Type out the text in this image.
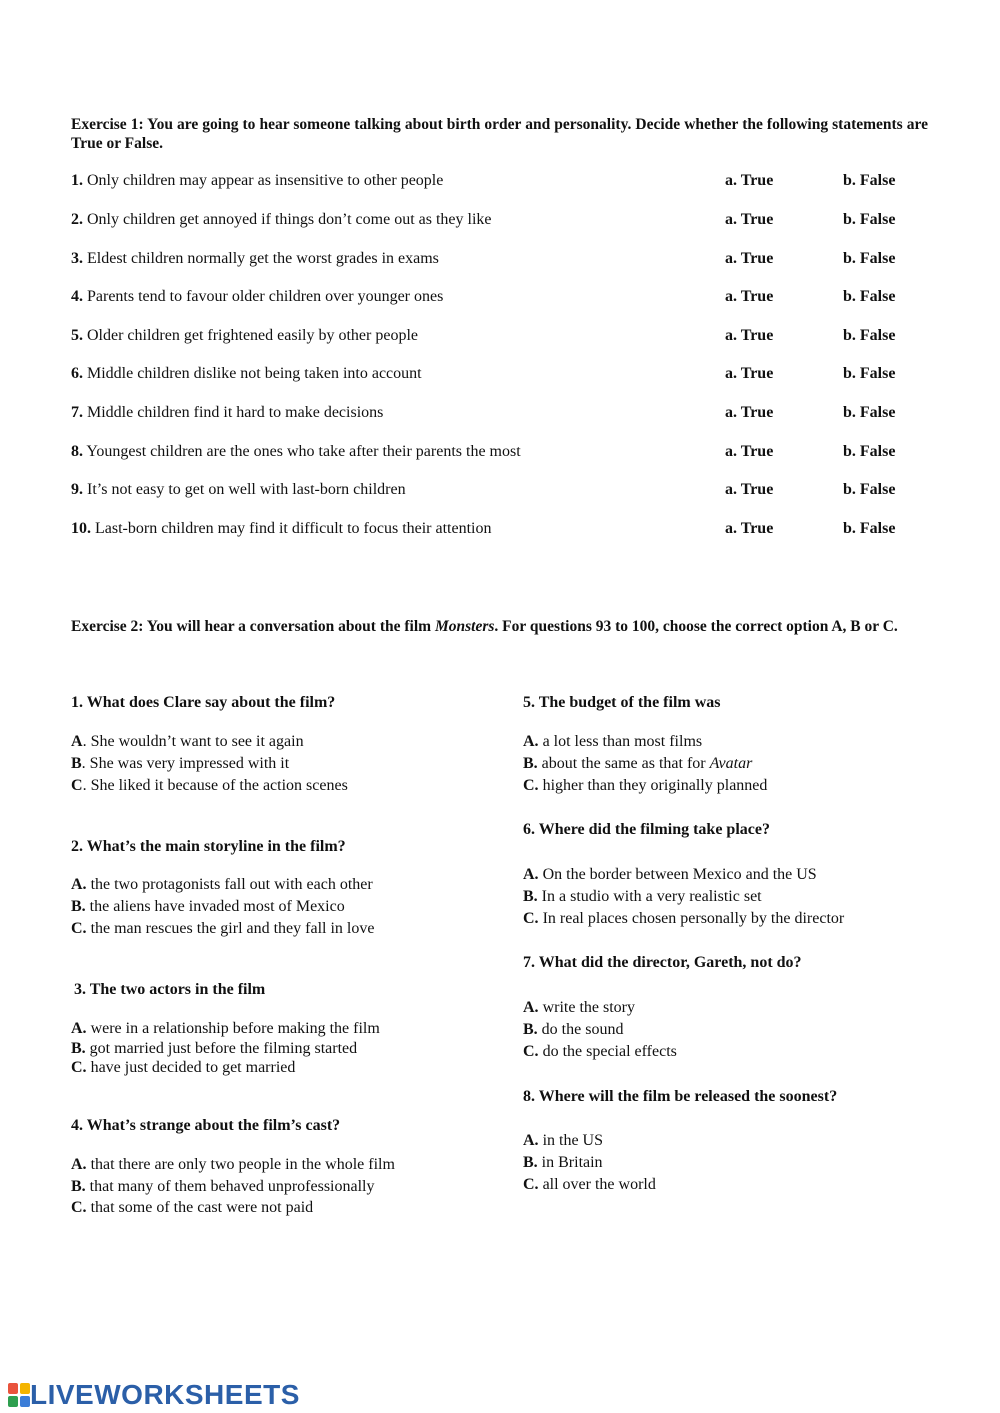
Exercise 1: You are going to hear someone talking about birth order and personality. Decide whether the following statements are True or False.
1. Only children may appear as insensitive to other people	a. True	b. False
2. Only children get annoyed if things don’t come out as they like	a. True	b. False
3. Eldest children normally get the worst grades in exams	a. True	b. False
4. Parents tend to favour older children over younger ones	a. True	b. False
5. Older children get frightened easily by other people	a. True	b. False
6. Middle children dislike not being taken into account	a. True	b. False
7. Middle children find it hard to make decisions	a. True	b. False
8. Youngest children are the ones who take after their parents the most	a. True	b. False
9. It’s not easy to get on well with last-born children	a. True	b. False
10. Last-born children may find it difficult to focus their attention	a. True	b. False
Exercise 2: You will hear a conversation about the film Monsters. For questions 93 to 100, choose the correct option A, B or C.
1. What does Clare say about the film?
A. She wouldn’t want to see it again
B. She was very impressed with it
C. She liked it because of the action scenes
2. What’s the main storyline in the film?
A. the two protagonists fall out with each other
B. the aliens have invaded most of Mexico
C. the man rescues the girl and they fall in love
3. The two actors in the film
A. were in a relationship before making the film
B. got married just before the filming started
C. have just decided to get married
4. What’s strange about the film’s cast?
A. that there are only two people in the whole film
B. that many of them behaved unprofessionally
C. that some of the cast were not paid
5. The budget of the film was
A. a lot less than most films
B. about the same as that for Avatar
C. higher than they originally planned
6. Where did the filming take place?
A. On the border between Mexico and the US
B. In a studio with a very realistic set
C. In real places chosen personally by the director
7. What did the director, Gareth, not do?
A. write the story
B. do the sound
C. do the special effects
8. Where will the film be released the soonest?
A. in the US
B. in Britain
C. all over the world
LIVEWORKSHEETS
